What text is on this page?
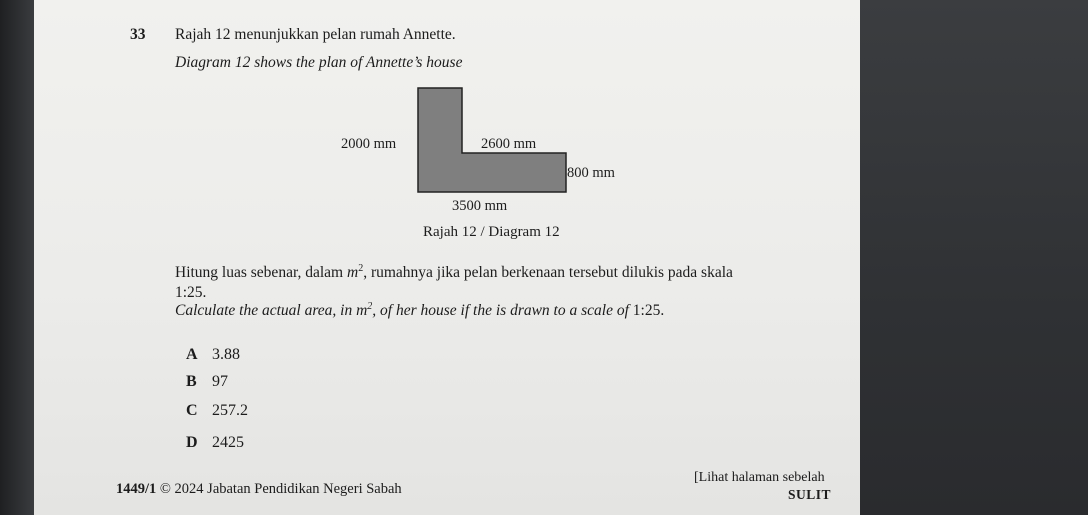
33 Rajah 12 menunjukkan pelan rumah Annette.
Diagram 12 shows the plan of Annette’s house
2000 mm	2600 mm
800 mm
3500 mm
Rajah 12 / Diagram 12
Hitung luas sebenar, dalam $m^2$, rumahnya jika pelan berkenaan tersebut dilukis pada skala
1:25.
Calculate the actual area, in $m^2$, of her house if the is drawn to a scale of 1:25.
A 3.88
B 97
C 257.2
D 2425
1449/1 © 2024 Jabatan Pendidikan Negeri Sabah
[Lihat halaman sebelah
SULIT
